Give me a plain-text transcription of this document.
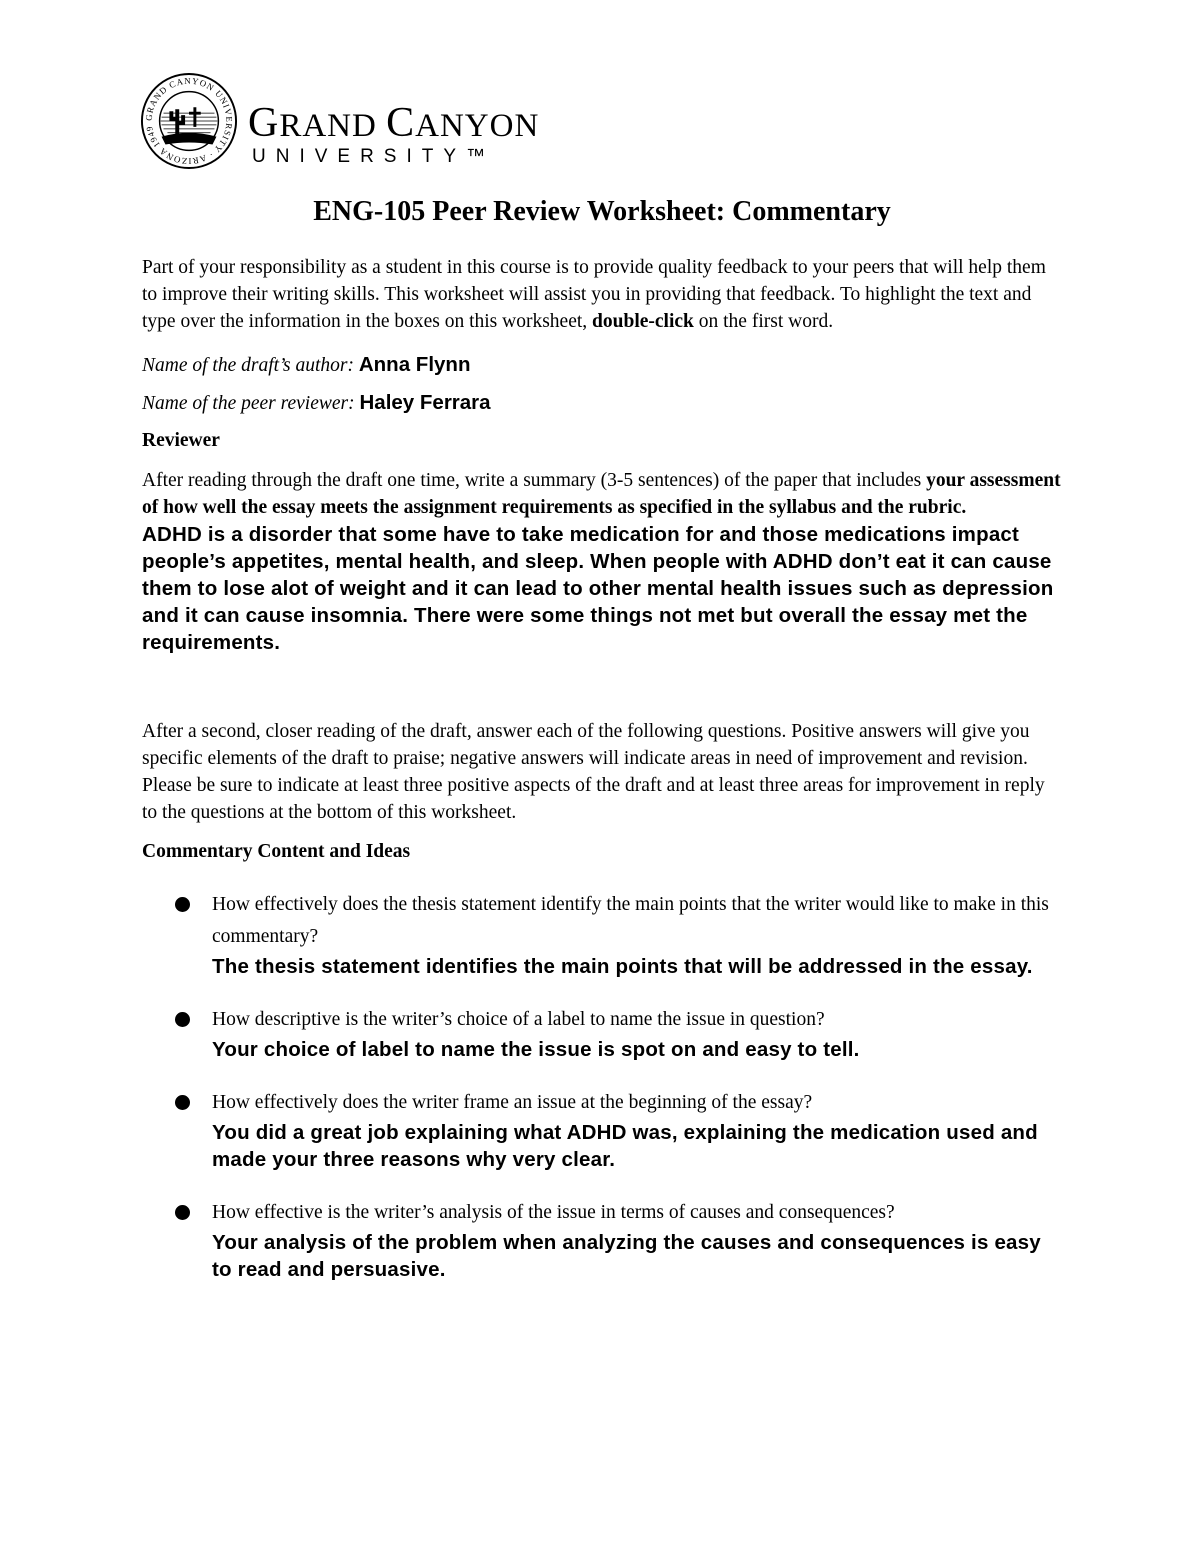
GRAND CANYON UNIVERSITY · ARIZONA 1949	GRAND CANYON
UNIVERSITY™
ENG-105 Peer Review Worksheet: Commentary

Part of your responsibility as a student in this course is to provide quality feedback to your peers that will help them to improve their writing skills. This worksheet will assist you in providing that feedback. To highlight the text and type over the information in the boxes on this worksheet, double-click on the first word.

Name of the draft’s author: Anna Flynn

Name of the peer reviewer: Haley Ferrara

Reviewer

After reading through the draft one time, write a summary (3-5 sentences) of the paper that includes your assessment of how well the essay meets the assignment requirements as specified in the syllabus and the rubric.

ADHD is a disorder that some have to take medication for and those medications impact people’s appetites, mental health, and sleep. When people with ADHD don’t eat it can cause them to lose alot of weight and it can lead to other mental health issues such as depression and it can cause insomnia. There were some things not met but overall the essay met the requirements.

After a second, closer reading of the draft, answer each of the following questions. Positive answers will give you specific elements of the draft to praise; negative answers will indicate areas in need of improvement and revision. Please be sure to indicate at least three positive aspects of the draft and at least three areas for improvement in reply to the questions at the bottom of this worksheet.

Commentary Content and Ideas

How effectively does the thesis statement identify the main points that the writer would like to make in this commentary?

The thesis statement identifies the main points that will be addressed in the essay.

How descriptive is the writer’s choice of a label to name the issue in question?

Your choice of label to name the issue is spot on and easy to tell.

How effectively does the writer frame an issue at the beginning of the essay?

You did a great job explaining what ADHD was, explaining the medication used and made your three reasons why very clear.

How effective is the writer’s analysis of the issue in terms of causes and consequences?

Your analysis of the problem when analyzing the causes and consequences is easy to read and persuasive.
